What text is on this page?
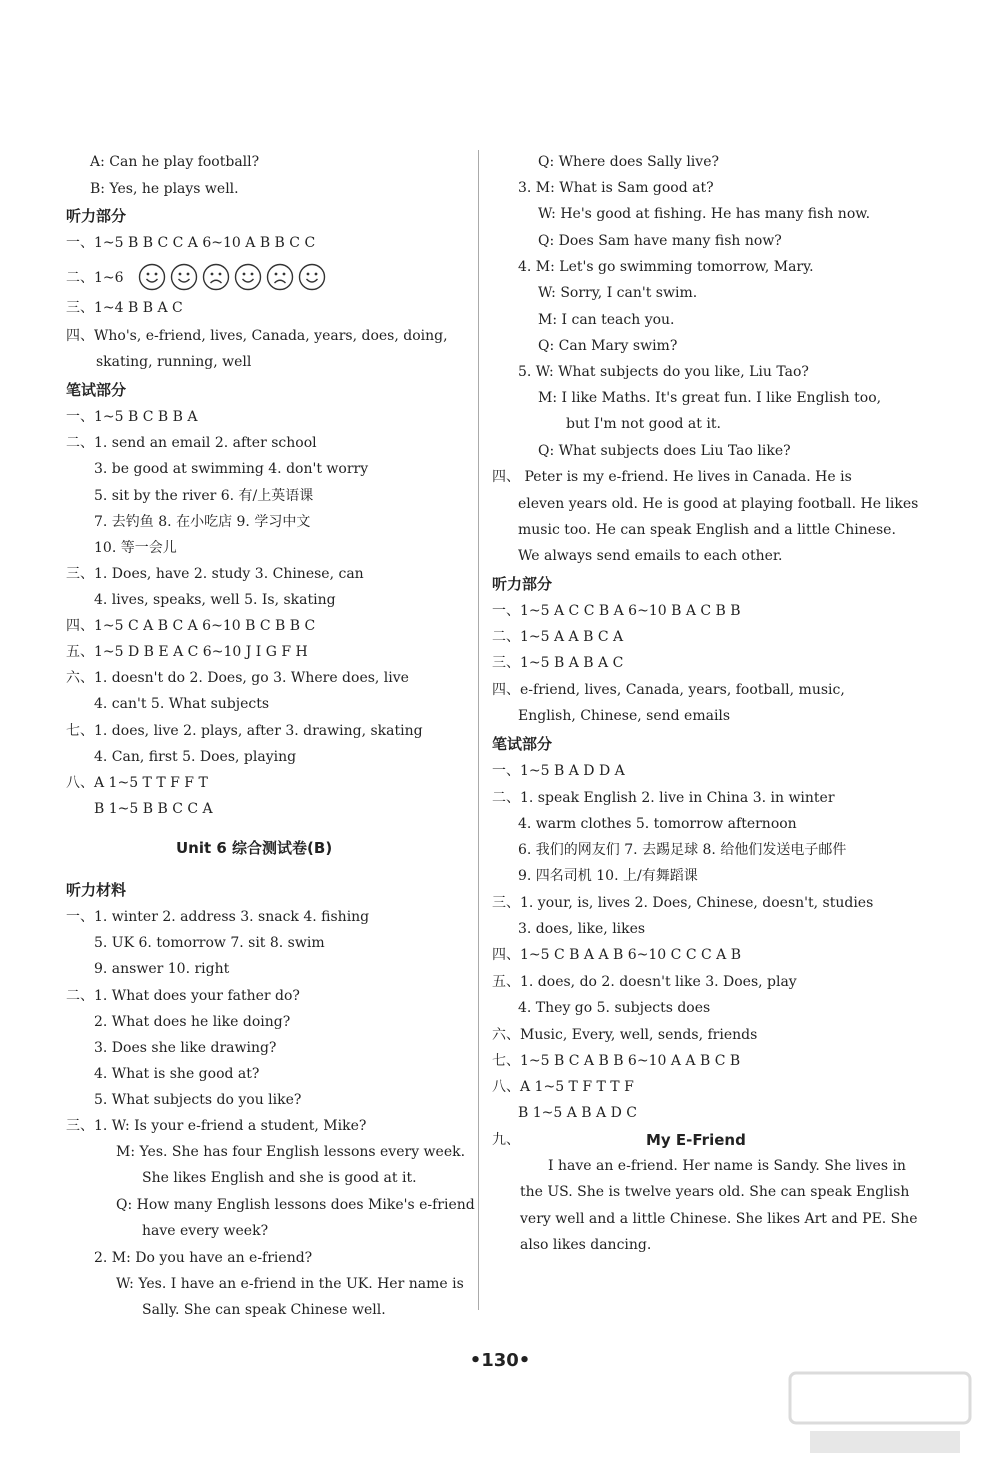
A: Can he play football?
B: Yes, he plays well.
听力部分
一、1~5 B B C C A 6~10 A B B C C
二、1~6
三、1~4 B B A C
四、Who's, e-friend, lives, Canada, years, does, doing,
skating, running, well
笔试部分
一、1~5 B C B B A
二、1. send an email 2. after school
3. be good at swimming 4. don't worry
5. sit by the river 6. 有/上英语课
7. 去钓鱼 8. 在小吃店 9. 学习中文
10. 等一会儿
三、1. Does, have 2. study 3. Chinese, can
4. lives, speaks, well 5. Is, skating
四、1~5 C A B C A 6~10 B C B B C
五、1~5 D B E A C 6~10 J I G F H
六、1. doesn't do 2. Does, go 3. Where does, live
4. can't 5. What subjects
七、1. does, live 2. plays, after 3. drawing, skating
4. Can, first 5. Does, playing
八、A 1~5 T T F F T
B 1~5 B B C C A
Unit 6 综合测试卷(B)
听力材料
一、1. winter 2. address 3. snack 4. fishing
5. UK 6. tomorrow 7. sit 8. swim
9. answer 10. right
二、1. What does your father do?
2. What does he like doing?
3. Does she like drawing?
4. What is she good at?
5. What subjects do you like?
三、1. W: Is your e-friend a student, Mike?
M: Yes. She has four English lessons every week.
She likes English and she is good at it.
Q: How many English lessons does Mike's e-friend
have every week?
2. M: Do you have an e-friend?
W: Yes. I have an e-friend in the UK. Her name is
Sally. She can speak Chinese well.
Q: Where does Sally live?
3. M: What is Sam good at?
W: He's good at fishing. He has many fish now.
Q: Does Sam have many fish now?
4. M: Let's go swimming tomorrow, Mary.
W: Sorry, I can't swim.
M: I can teach you.
Q: Can Mary swim?
5. W: What subjects do you like, Liu Tao?
M: I like Maths. It's great fun. I like English too,
but I'm not good at it.
Q: What subjects does Liu Tao like?
四、 Peter is my e-friend. He lives in Canada. He is
eleven years old. He is good at playing football. He likes
music too. He can speak English and a little Chinese.
We always send emails to each other.
听力部分
一、1~5 A C C B A 6~10 B A C B B
二、1~5 A A B C A
三、1~5 B A B A C
四、e-friend, lives, Canada, years, football, music,
English, Chinese, send emails
笔试部分
一、1~5 B A D D A
二、1. speak English 2. live in China 3. in winter
4. warm clothes 5. tomorrow afternoon
6. 我们的网友们 7. 去踢足球 8. 给他们发送电子邮件
9. 四名司机 10. 上/有舞蹈课
三、1. your, is, lives 2. Does, Chinese, doesn't, studies
3. does, like, likes
四、1~5 C B A A B 6~10 C C C A B
五、1. does, do 2. doesn't like 3. Does, play
4. They go 5. subjects does
六、Music, Every, well, sends, friends
七、1~5 B C A B B 6~10 A A B C B
八、A 1~5 T F T T F
B 1~5 A B A D C
九、	My E-Friend
I have an e-friend. Her name is Sandy. She lives in
the US. She is twelve years old. She can speak English
very well and a little Chinese. She likes Art and PE. She
also likes dancing.
•130•
